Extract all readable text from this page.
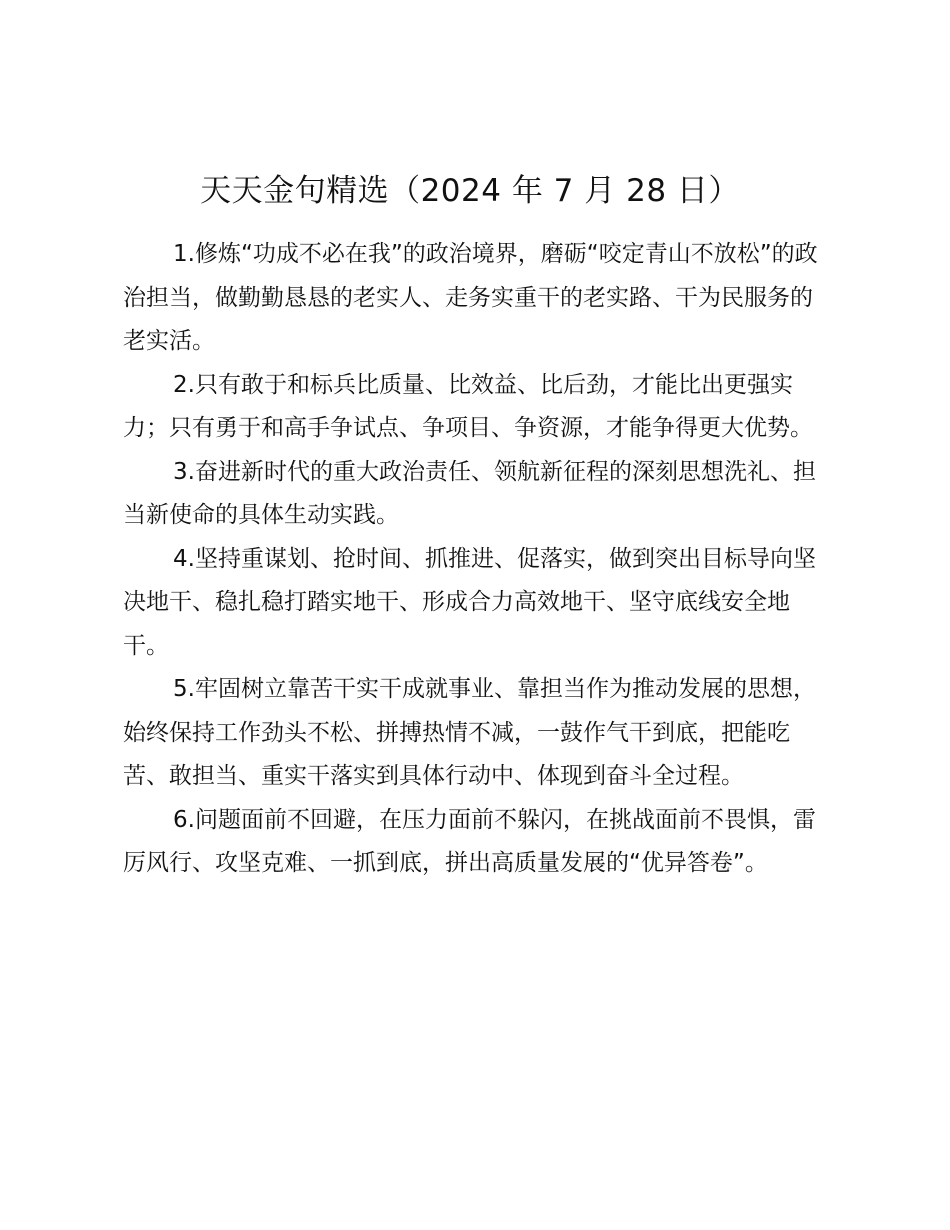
天天金句精选（2024 年 7 月 28 日）

1.修炼“功成不必在我”的政治境界，磨砺“咬定青山不放松”的政治担当，做勤勤恳恳的老实人、走务实重干的老实路、干为民服务的老实活。

2.只有敢于和标兵比质量、比效益、比后劲，才能比出更强实力；只有勇于和高手争试点、争项目、争资源，才能争得更大优势。

3.奋进新时代的重大政治责任、领航新征程的深刻思想洗礼、担当新使命的具体生动实践。

4.坚持重谋划、抢时间、抓推进、促落实，做到突出目标导向坚决地干、稳扎稳打踏实地干、形成合力高效地干、坚守底线安全地干。

5.牢固树立靠苦干实干成就事业、靠担当作为推动发展的思想，始终保持工作劲头不松、拼搏热情不减，一鼓作气干到底，把能吃苦、敢担当、重实干落实到具体行动中、体现到奋斗全过程。

6.问题面前不回避，在压力面前不躲闪，在挑战面前不畏惧，雷厉风行、攻坚克难、一抓到底，拼出高质量发展的“优异答卷”。
